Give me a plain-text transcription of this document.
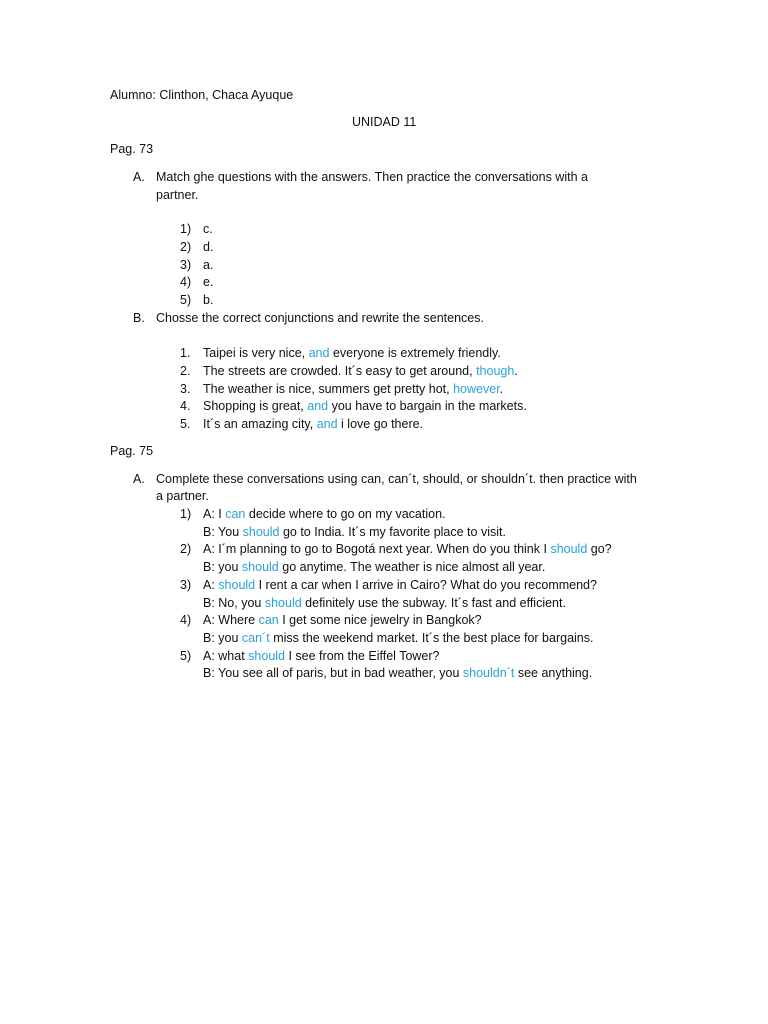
Alumno: Clinthon, Chaca Ayuque
UNIDAD 11
Pag. 73
A. Match ghe questions with the answers. Then practice the conversations with a
partner.
1) c.
2) d.
3) a.
4) e.
5) b.
B. Chosse the correct conjunctions and rewrite the sentences.
1. Taipei is very nice, and everyone is extremely friendly.
2. The streets are crowded. It´s easy to get around, though.
3. The weather is nice, summers get pretty hot, however.
4. Shopping is great, and you have to bargain in the markets.
5. It´s an amazing city, and i love go there.
Pag. 75
A. Complete these conversations using can, can´t, should, or shouldn´t. then practice with
a partner.
1) A: I can decide where to go on my vacation.
B: You should go to India. It´s my favorite place to visit.
2) A: I´m planning to go to Bogotá next year. When do you think I should go?
B: you should go anytime. The weather is nice almost all year.
3) A: should I rent a car when I arrive in Cairo? What do you recommend?
B: No, you should definitely use the subway. It´s fast and efficient.
4) A: Where can I get some nice jewelry in Bangkok?
B: you can´t miss the weekend market. It´s the best place for bargains.
5) A: what should I see from the Eiffel Tower?
B: You see all of paris, but in bad weather, you shouldn´t see anything.
